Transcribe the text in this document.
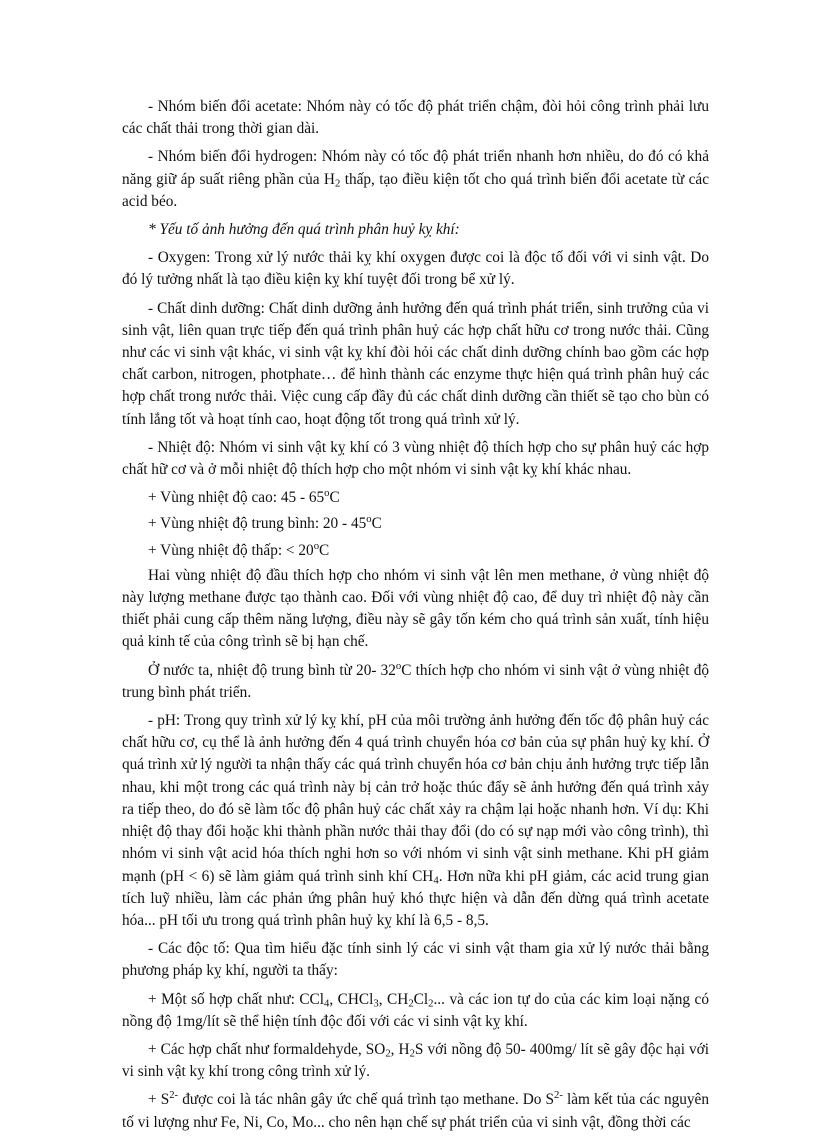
- Nhóm biến đổi acetate: Nhóm này có tốc độ phát triển chậm, đòi hỏi công trình phải lưu các chất thải trong thời gian dài.

- Nhóm biến đổi hydrogen: Nhóm này có tốc độ phát triển nhanh hơn nhiều, do đó có khả năng giữ áp suất riêng phần của $H_2$ thấp, tạo điều kiện tốt cho quá trình biến đổi acetate từ các acid béo.

* Yếu tố ảnh hưởng đến quá trình phân huỷ kỵ khí:

- Oxygen: Trong xử lý nước thải kỵ khí oxygen được coi là độc tố đối với vi sinh vật. Do đó lý tưởng nhất là tạo điều kiện kỵ khí tuyệt đối trong bể xử lý.

- Chất dinh dưỡng: Chất dinh dưỡng ảnh hưởng đến quá trình phát triển, sinh trưởng của vi sinh vật, liên quan trực tiếp đến quá trình phân huỷ các hợp chất hữu cơ trong nước thải. Cũng như các vi sinh vật khác, vi sinh vật kỵ khí đòi hỏi các chất dinh dưỡng chính bao gồm các hợp chất carbon, nitrogen, photphate… để hình thành các enzyme thực hiện quá trình phân huỷ các hợp chất trong nước thải. Việc cung cấp đầy đủ các chất dinh dưỡng cần thiết sẽ tạo cho bùn có tính lắng tốt và hoạt tính cao, hoạt động tốt trong quá trình xử lý.

- Nhiệt độ: Nhóm vi sinh vật kỵ khí có 3 vùng nhiệt độ thích hợp cho sự phân huỷ các hợp chất hữ cơ và ở mỗi nhiệt độ thích hợp cho một nhóm vi sinh vật kỵ khí khác nhau.

+ Vùng nhiệt độ cao: 45 - 65$^o$C

+ Vùng nhiệt độ trung bình: 20 - 45$^o$C

+ Vùng nhiệt độ thấp: < $20^oC$

Hai vùng nhiệt độ đầu thích hợp cho nhóm vi sinh vật lên men methane, ở vùng nhiệt độ này lượng methane được tạo thành cao. Đối với vùng nhiệt độ cao, để duy trì nhiệt độ này cần thiết phải cung cấp thêm năng lượng, điều này sẽ gây tốn kém cho quá trình sản xuất, tính hiệu quả kinh tế của công trình sẽ bị hạn chế.

Ở nước ta, nhiệt độ trung bình từ 20- 32$^o$C thích hợp cho nhóm vi sinh vật ở vùng nhiệt độ trung bình phát triển.

- pH: Trong quy trình xử lý kỵ khí, pH của môi trường ảnh hưởng đến tốc độ phân huỷ các chất hữu cơ, cụ thể là ảnh hưởng đến 4 quá trình chuyển hóa cơ bản của sự phân huỷ kỵ khí. Ở quá trình xử lý người ta nhận thấy các quá trình chuyển hóa cơ bản chịu ảnh hưởng trực tiếp lẫn nhau, khi một trong các quá trình này bị cản trở hoặc thúc đẩy sẽ ảnh hưởng đến quá trình xảy ra tiếp theo, do đó sẽ làm tốc độ phân huỷ các chất xảy ra chậm lại hoặc nhanh hơn. Ví dụ: Khi nhiệt độ thay đổi hoặc khi thành phần nước thải thay đổi (do có sự nạp mới vào công trình), thì nhóm vi sinh vật acid hóa thích nghi hơn so với nhóm vi sinh vật sinh methane. Khi pH giảm mạnh (pH < 6) sẽ làm giảm quá trình sinh khí $CH_4$. Hơn nữa khi pH giảm, các acid trung gian tích luỹ nhiều, làm các phản ứng phân huỷ khó thực hiện và dẫn đến dừng quá trình acetate hóa... pH tối ưu trong quá trình phân huỷ kỵ khí là 6,5 - 8,5.

- Các độc tố: Qua tìm hiểu đặc tính sinh lý các vi sinh vật tham gia xử lý nước thải bằng phương pháp kỵ khí, người ta thấy:

+ Một số hợp chất như: CCl$_4$, CHCl$_3$, $CH_2Cl_2$... và các ion tự do của các kim loại nặng có nồng độ 1mg/lít sẽ thể hiện tính độc đối với các vi sinh vật kỵ khí.

+ Các hợp chất như formaldehyde, $SO_2$, $H_2S$ với nồng độ 50- 400mg/ lít sẽ gây độc hại với vi sinh vật kỵ khí trong công trình xử lý.

+ $S^{2-}$ được coi là tác nhân gây ức chế quá trình tạo methane. Do $S^{2-}$ làm kết tủa các nguyên tố vi lượng như Fe, Ni, Co, Mo... cho nên hạn chế sự phát triển của vi sinh vật, đồng thời các
